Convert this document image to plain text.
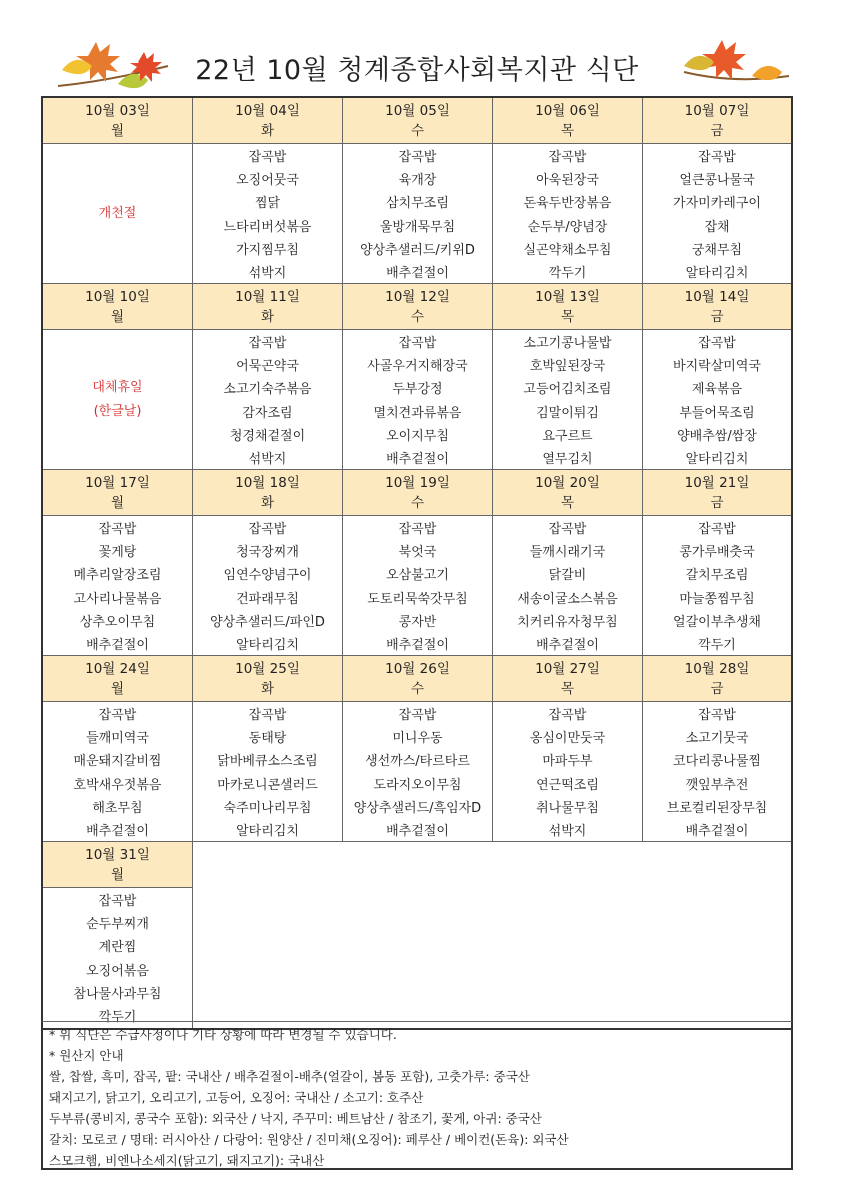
22년 10월 청계종합사회복지관 식단
10월 03일
월
10월 04일
화
10월 05일
수
10월 06일
목
10월 07일
금
개천절
잡곡밥
오징어뭇국
찜닭
느타리버섯볶음
가지찜무침
섞박지
잡곡밥
육개장
삼치무조림
울방개묵무침
양상추샐러드/키위D
배추겉절이
잡곡밥
아욱된장국
돈육두반장볶음
순두부/양념장
실곤약채소무침
깍두기
잡곡밥
얼큰콩나물국
가자미카레구이
잡채
궁채무침
알타리김치
10월 10일
월
10월 11일
화
10월 12일
수
10월 13일
목
10월 14일
금
대체휴일
(한글날)
잡곡밥
어묵곤약국
소고기숙주볶음
감자조림
청경채겉절이
섞박지
잡곡밥
사골우거지해장국
두부강정
멸치견과류볶음
오이지무침
배추겉절이
소고기콩나물밥
호박잎된장국
고등어김치조림
김말이튀김
요구르트
열무김치
잡곡밥
바지락살미역국
제육볶음
부들어묵조림
양배추쌈/쌈장
알타리김치
10월 17일
월
10월 18일
화
10월 19일
수
10월 20일
목
10월 21일
금
잡곡밥
꽃게탕
메추리알장조림
고사리나물볶음
상추오이무침
배추겉절이
잡곡밥
청국장찌개
임연수양념구이
건파래무침
양상추샐러드/파인D
알타리김치
잡곡밥
북엇국
오삼불고기
도토리묵쑥갓무침
콩자반
배추겉절이
잡곡밥
들깨시래기국
닭갈비
새송이굴소스볶음
치커리유자청무침
배추겉절이
잡곡밥
콩가루배춧국
갈치무조림
마늘쫑찜무침
얼갈이부추생채
깍두기
10월 24일
월
10월 25일
화
10월 26일
수
10월 27일
목
10월 28일
금
잡곡밥
들깨미역국
매운돼지갈비찜
호박새우젓볶음
해초무침
배추겉절이
잡곡밥
동태탕
닭바베큐소스조림
마카로니콘샐러드
숙주미나리무침
알타리김치
잡곡밥
미니우동
생선까스/타르타르
도라지오이무침
양상추샐러드/흑임자D
배추겉절이
잡곡밥
옹심이만둣국
마파두부
연근떡조림
취나물무침
섞박지
잡곡밥
소고기뭇국
코다리콩나물찜
깻잎부추전
브로컬리된장무침
배추겉절이
10월 31일
월
잡곡밥
순두부찌개
계란찜
오징어볶음
참나물사과무침
깍두기
* 위 식단은 수급사정이나 기타 상황에 따라 변경될 수 있습니다.
* 원산지 안내
쌀, 찹쌀, 흑미, 잡곡, 팥: 국내산 / 배추겉절이-배추(얼갈이, 봄동 포함), 고춧가루: 중국산
돼지고기, 닭고기, 오리고기, 고등어, 오징어: 국내산 / 소고기: 호주산
두부류(콩비지, 콩국수 포함): 외국산 / 낙지, 주꾸미: 베트남산 / 참조기, 꽃게, 아귀: 중국산
갈치: 모로코 / 명태: 러시아산 / 다랑어: 원양산 / 진미채(오징어): 페루산 / 베이컨(돈육): 외국산
스모크햄, 비엔나소세지(닭고기, 돼지고기): 국내산
